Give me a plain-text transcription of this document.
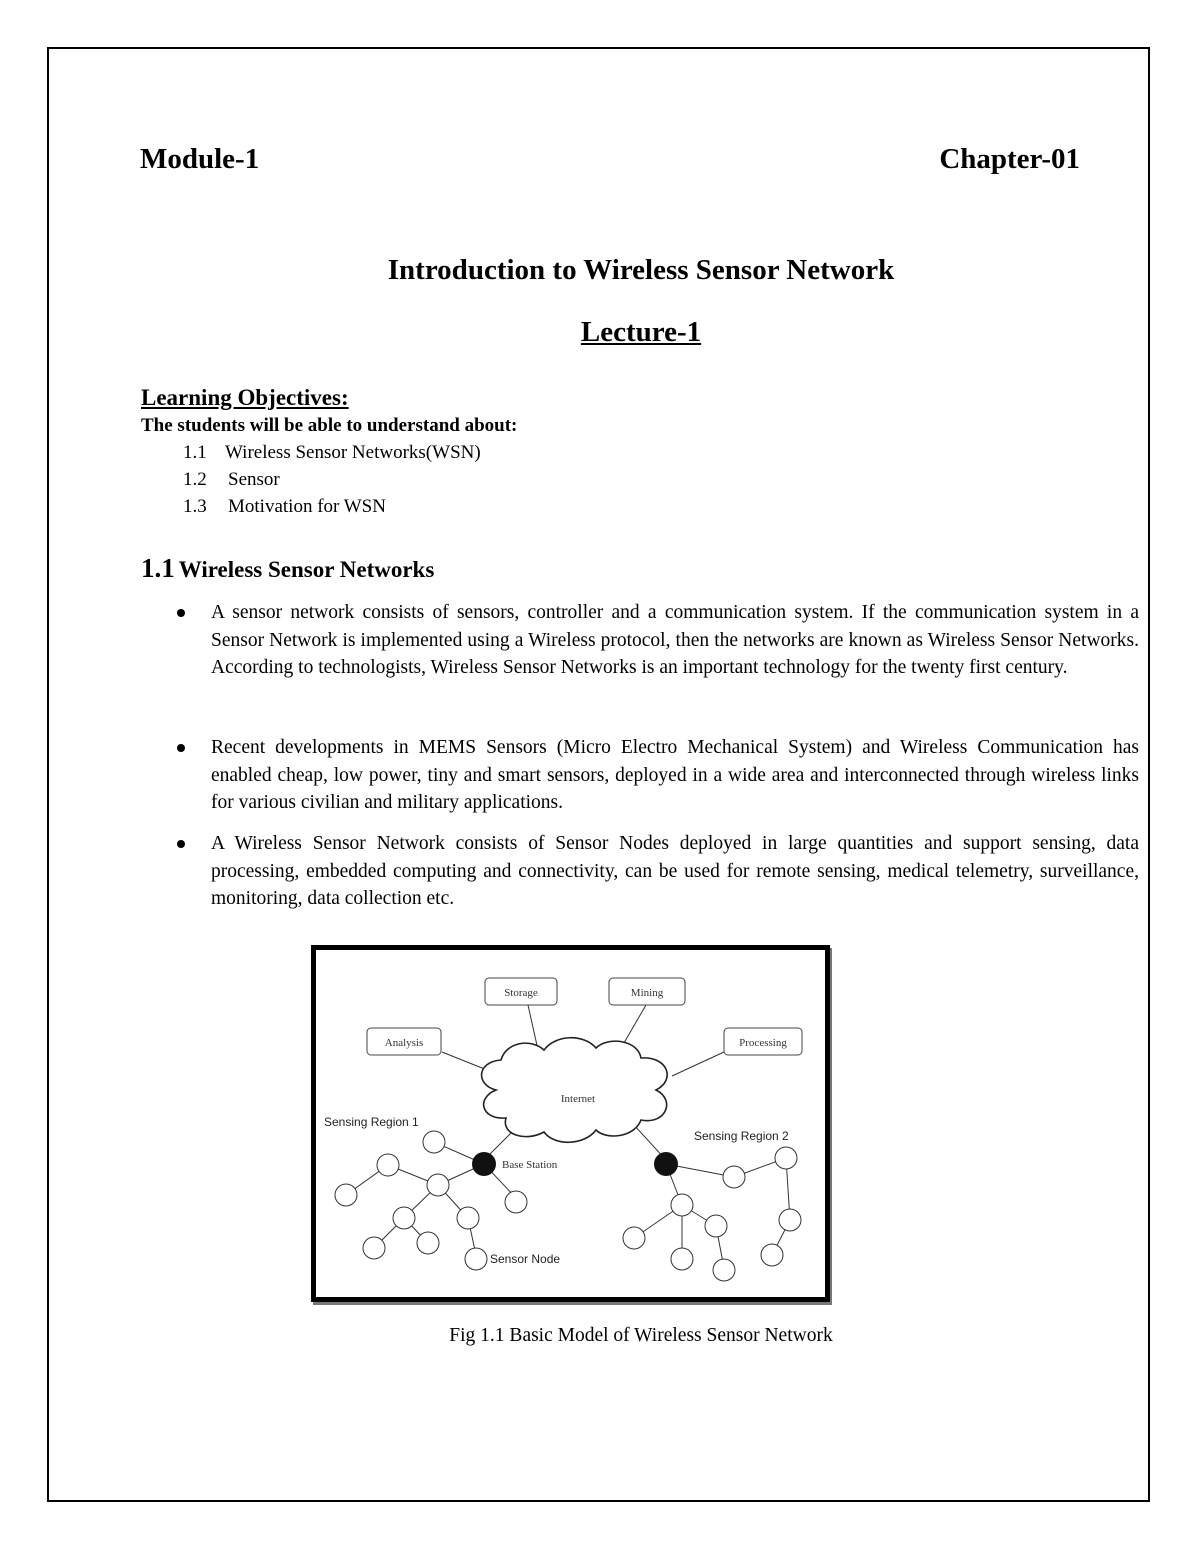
Module-1	Chapter-01
Introduction to Wireless Sensor Network
Lecture-1
Learning Objectives:
The students will be able to understand about:
1.1 Wireless Sensor Networks(WSN)
1.2 Sensor
1.3 Motivation for WSN
1.1 Wireless Sensor Networks
A sensor network consists of sensors, controller and a communication system. If the communication system in a Sensor Network is implemented using a Wireless protocol, then the networks are known as Wireless Sensor Networks. According to technologists, Wireless Sensor Networks is an important technology for the twenty first century.
Recent developments in MEMS Sensors (Micro Electro Mechanical System) and Wireless Communication has enabled cheap, low power, tiny and smart sensors, deployed in a wide area and interconnected through wireless links for various civilian and military applications.
A Wireless Sensor Network consists of Sensor Nodes deployed in large quantities and support sensing, data processing, embedded computing and connectivity, can be used for remote sensing, medical telemetry, surveillance, monitoring, data collection etc.
Storage	Mining
Analysis	Processing
Internet
Sensing Region 1
Sensing Region 2
Base Station
Sensor Node
Fig 1.1 Basic Model of Wireless Sensor Network
